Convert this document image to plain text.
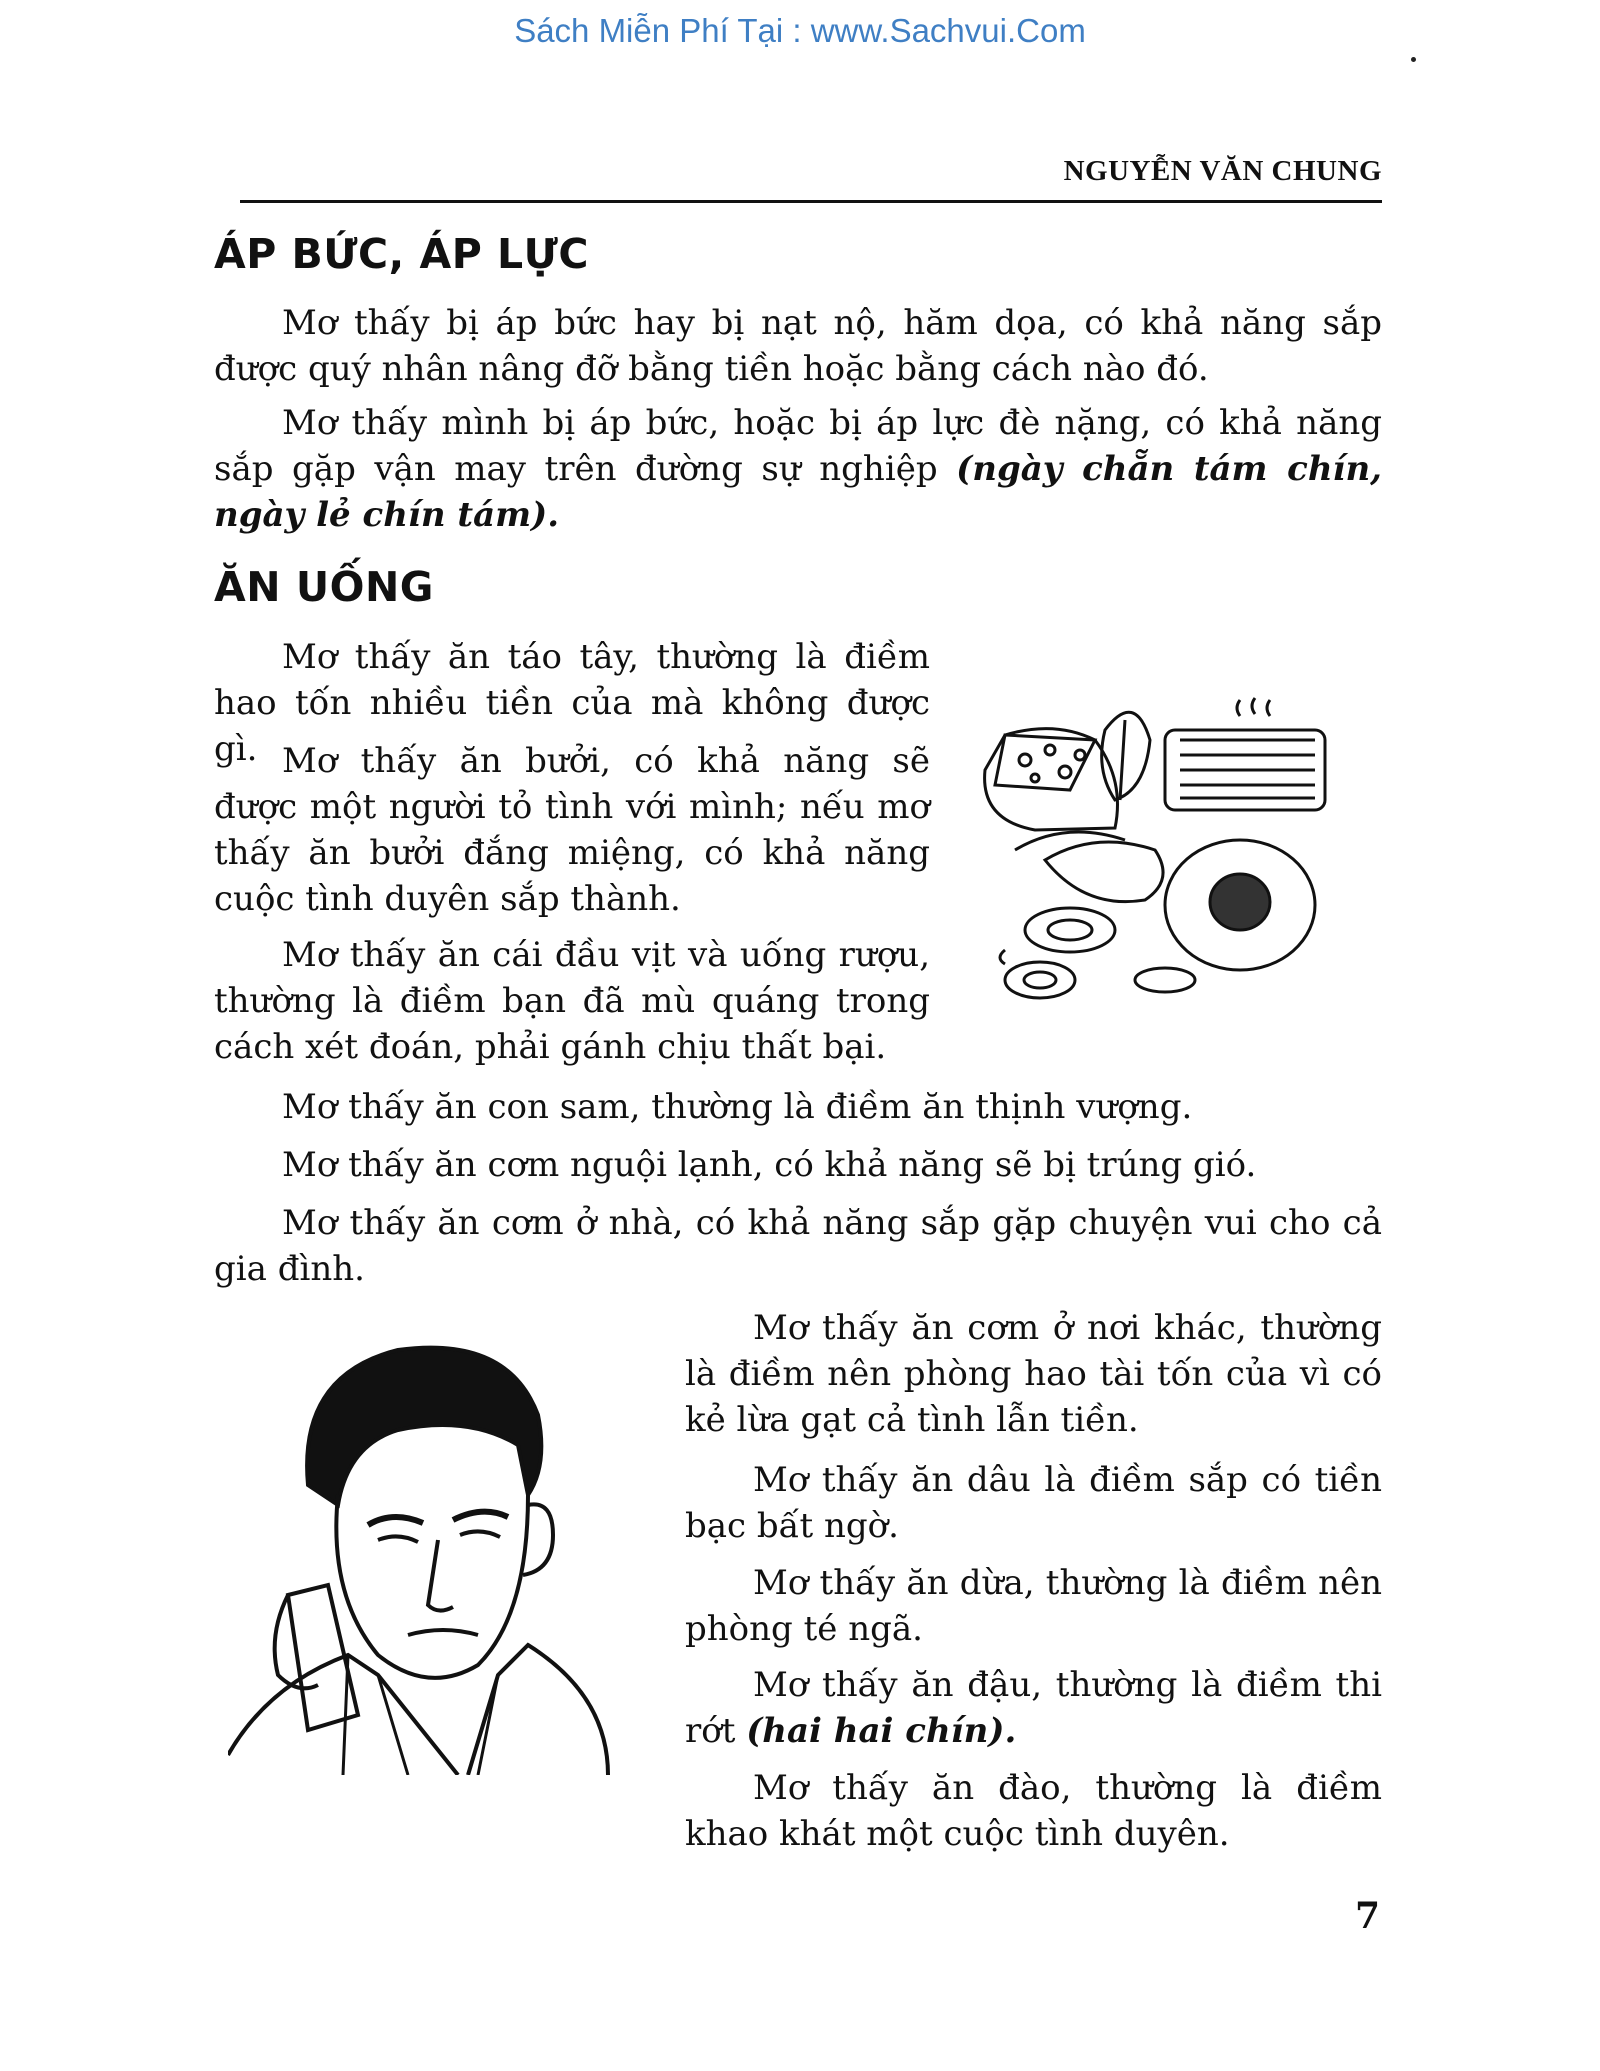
Sách Miễn Phí Tại : www.Sachvui.Com
NGUYỄN VĂN CHUNG
ÁP BỨC, ÁP LỰC

Mơ thấy bị áp bức hay bị nạt nộ, hăm dọa, có khả năng sắp được quý nhân nâng đỡ bằng tiền hoặc bằng cách nào đó.

Mơ thấy mình bị áp bức, hoặc bị áp lực đè nặng, có khả năng sắp gặp vận may trên đường sự nghiệp (ngày chẵn tám chín, ngày lẻ chín tám).

ĂN UỐNG

Mơ thấy ăn táo tây, thường là điềm hao tốn nhiều tiền của mà không được gì. Mơ thấy ăn bưởi, có khả năng sẽ được một người tỏ tình với mình; nếu mơ thấy ăn bưởi đắng miệng, có khả năng cuộc tình duyên sắp thành.

Mơ thấy ăn cái đầu vịt và uống rượu, thường là điềm bạn đã mù quáng trong cách xét đoán, phải gánh chịu thất bại.

Mơ thấy ăn con sam, thường là điềm ăn thịnh vượng.

Mơ thấy ăn cơm nguội lạnh, có khả năng sẽ bị trúng gió.

Mơ thấy ăn cơm ở nhà, có khả năng sắp gặp chuyện vui cho cả gia đình.

Mơ thấy ăn cơm ở nơi khác, thường là điềm nên phòng hao tài tốn của vì có kẻ lừa gạt cả tình lẫn tiền.

Mơ thấy ăn dâu là điềm sắp có tiền bạc bất ngờ.

Mơ thấy ăn dừa, thường là điềm nên phòng té ngã.

Mơ thấy ăn đậu, thường là điềm thi rớt (hai hai chín).

Mơ thấy ăn đào, thường là điềm khao khát một cuộc tình duyên.

7
